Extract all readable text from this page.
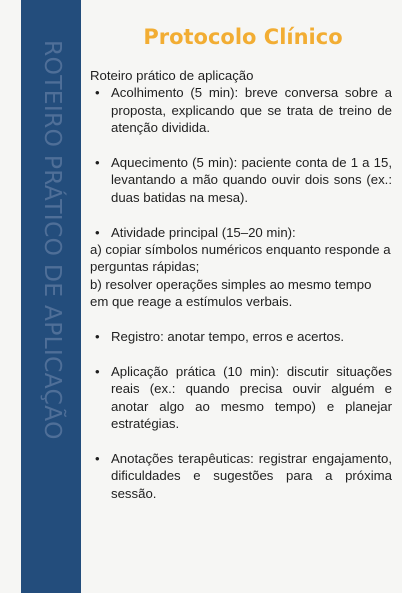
ROTEIRO PRÁTICO DE APLICAÇÃO
Protocolo Clínico

Roteiro prático de aplicação

• Acolhimento (5 min): breve conversa sobre a proposta, explicando que se trata de treino de atenção dividida.
• Aquecimento (5 min): paciente conta de 1 a 15, levantando a mão quando ouvir dois sons (ex.: duas batidas na mesa).
• Atividade principal (15–20 min):

a) copiar símbolos numéricos enquanto responde a perguntas rápidas;

b) resolver operações simples ao mesmo tempo em que reage a estímulos verbais.

• Registro: anotar tempo, erros e acertos.
• Aplicação prática (10 min): discutir situações reais (ex.: quando precisa ouvir alguém e anotar algo ao mesmo tempo) e planejar estratégias.
• Anotações terapêuticas: registrar engajamento, dificuldades e sugestões para a próxima sessão.
